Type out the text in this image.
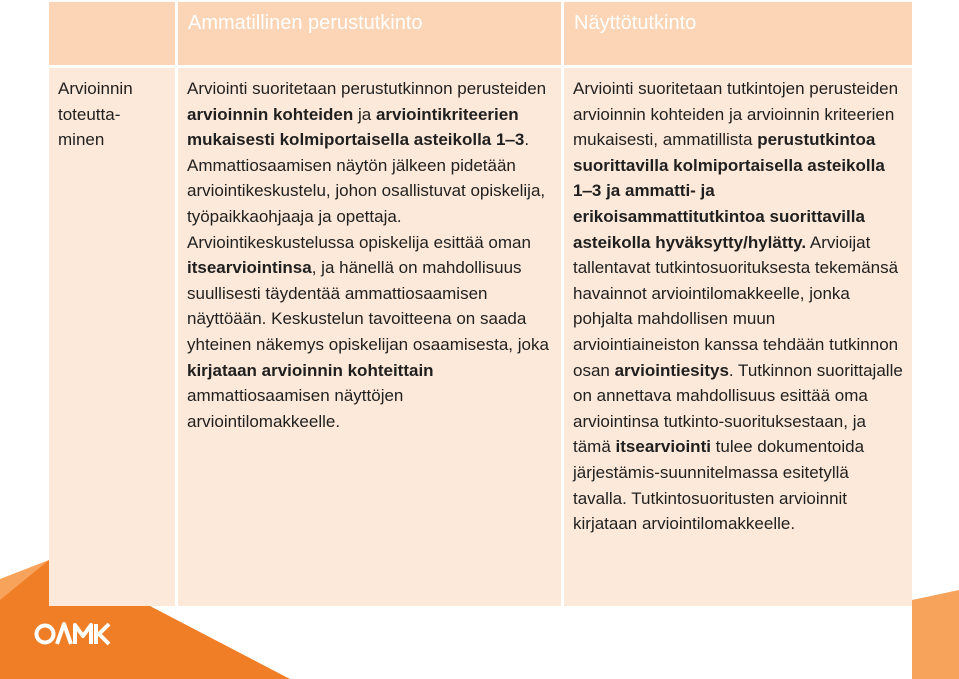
Ammatillinen perustutkinto	Näyttötutkinto
Arvioinnin
toteutta-
minen
Arviointi suoritetaan perustutkinnon perusteiden arvioinnin kohteiden ja arviointikriteerien mukaisesti kolmiportaisella asteikolla 1‒3. Ammattiosaamisen näytön jälkeen pidetään arviointikeskustelu, johon osallistuvat opiskelija, työpaikkaohjaaja ja opettaja. Arviointikeskustelussa opiskelija esittää oman itsearviointinsa, ja hänellä on mahdollisuus suullisesti täydentää ammattiosaamisen näyttöään. Keskustelun tavoitteena on saada yhteinen näkemys opiskelijan osaamisesta, joka kirjataan arvioinnin kohteittain ammattiosaamisen näyttöjen arviointilomakkeelle.
Arviointi suoritetaan tutkintojen perusteiden arvioinnin kohteiden ja arvioinnin kriteerien mukaisesti, ammatillista perustutkintoa suorittavilla kolmiportaisella asteikolla 1‒3 ja ammatti- ja erikoisammattitutkintoa suorittavilla asteikolla hyväksytty/hylätty. Arvioijat tallentavat tutkintosuorituksesta tekemänsä havainnot arviointilomakkeelle, jonka pohjalta mahdollisen muun arviointiaineiston kanssa tehdään tutkinnon osan arviointiesitys. Tutkinnon suorittajalle on annettava mahdollisuus esittää oma arviointinsa tutkinto-suorituksestaan, ja tämä itsearviointi tulee dokumentoida järjestämis-suunnitelmassa esitetyllä tavalla. Tutkintosuoritusten arvioinnit kirjataan arviointilomakkeelle.
